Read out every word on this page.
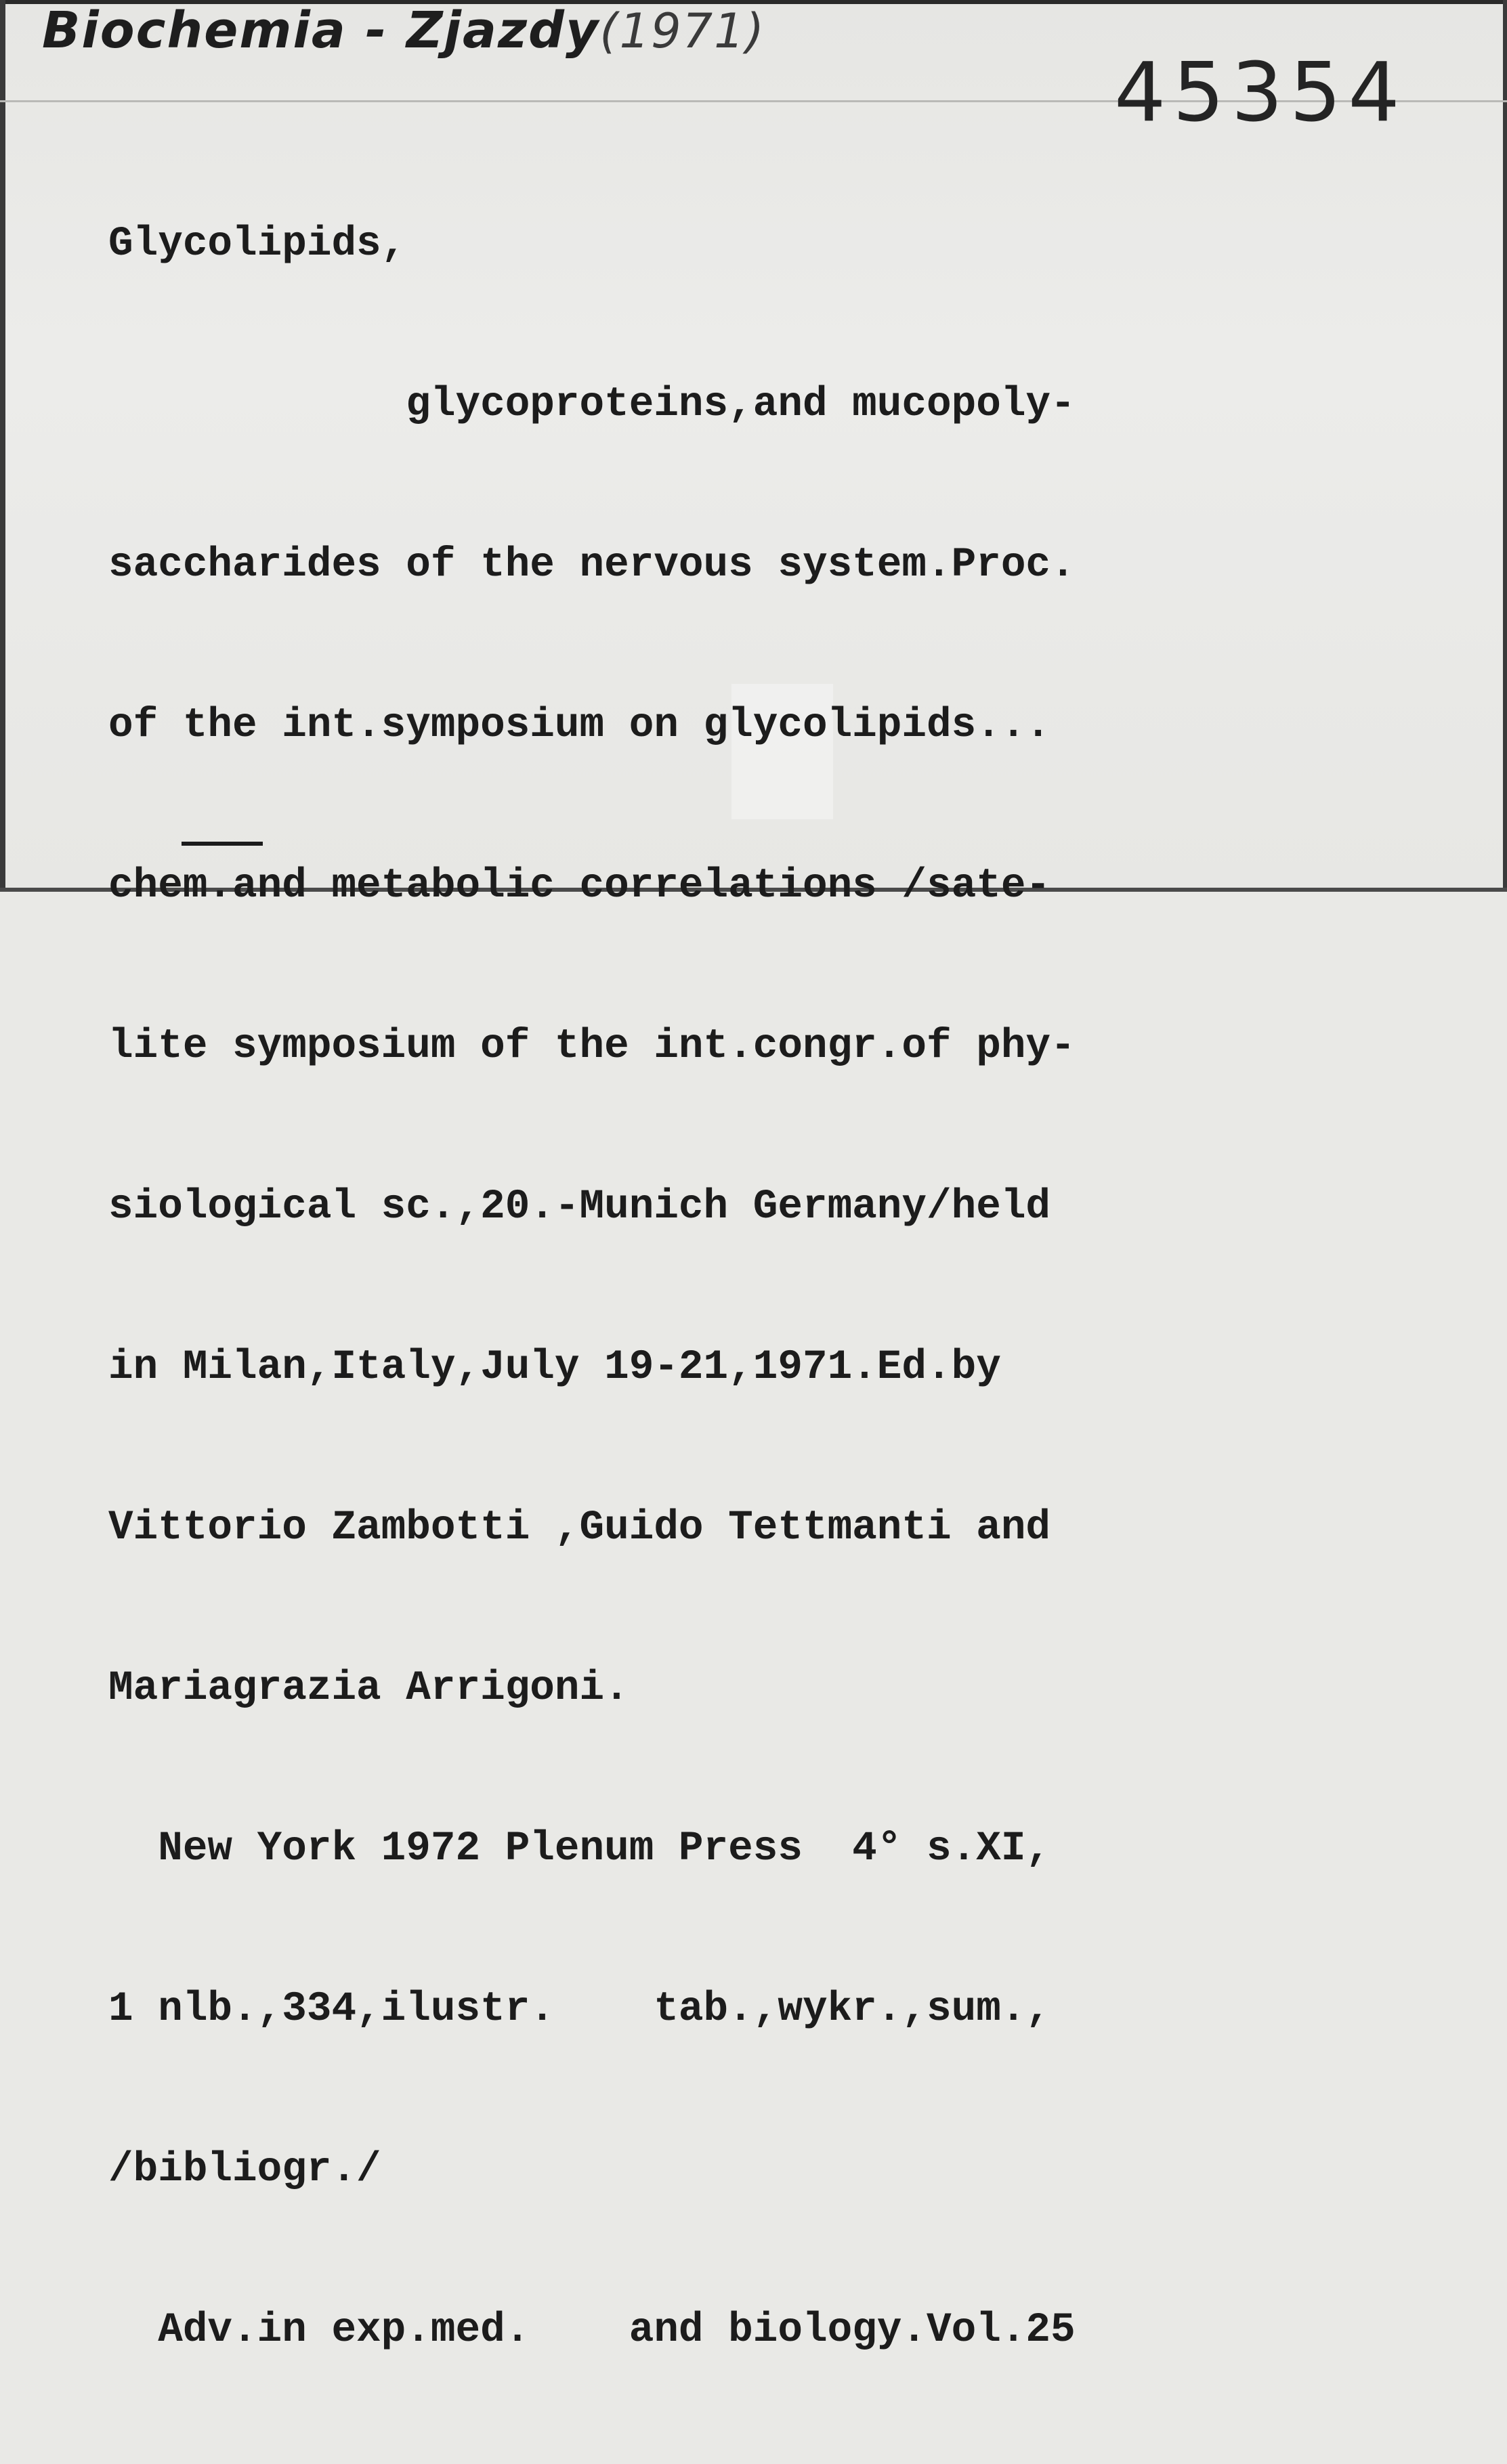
Biochemia - Zjazdy(1971)
45354

Glycolipids,

glycoproteins,and mucopoly-

saccharides of the nervous system.Proc.

of the int.symposium on glycolipids...

chem.and metabolic correlations /sate-

lite symposium of the int.congr.of phy-

siological sc.,20.-Munich Germany/held

in Milan,Italy,July 19-21,1971.Ed.by

Vittorio Zambotti ,Guido Tettmanti and

Mariagrazia Arrigoni.

New York 1972 Plenum Press  4° s.XI,

1 nlb.,334,ilustr.    tab.,wykr.,sum.,

/bibliogr./

Adv.in exp.med.    and biology.Vol.25
